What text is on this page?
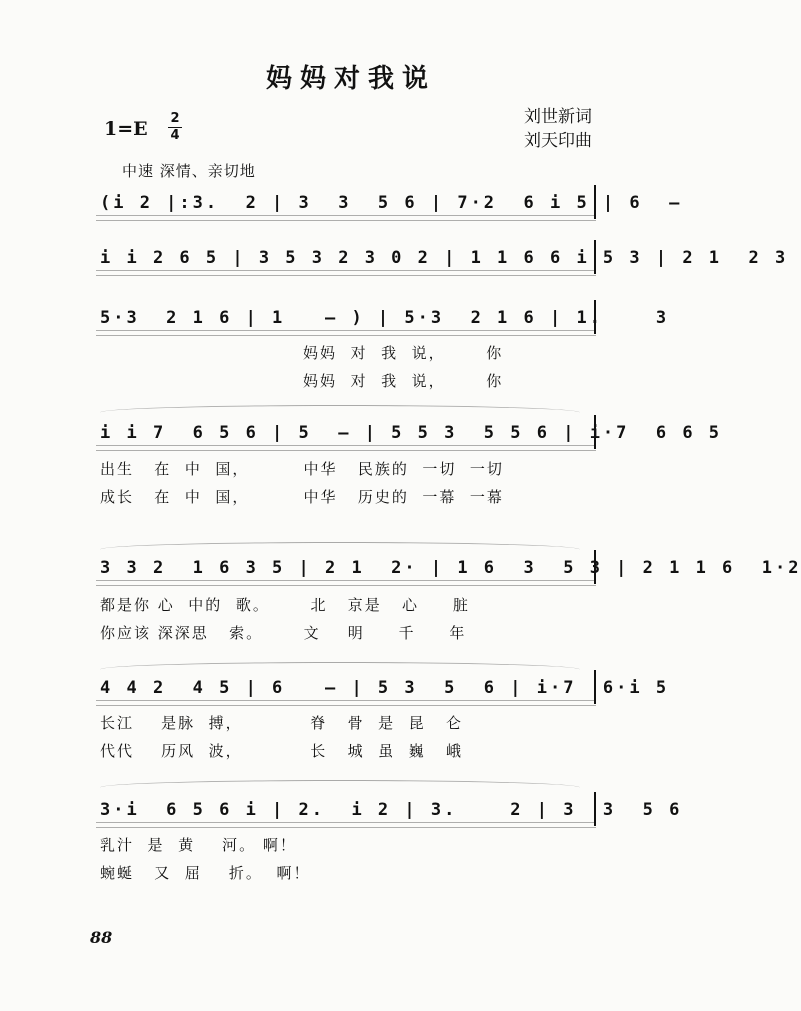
妈妈对我说
1=E 2
4
刘世新词
刘天印曲
中速 深情、亲切地
(i 2 |:3.  2 | 3  3  5 6 | 7·2  6 i 5 | 6  —
i i 2 6 5 | 3 5 3 2 3 0 2 | 1 1 6 6 i 5 3 | 2 1  2 3
5·3  2 1 6 | 1   — ) | 5·3  2 1 6 | 1.    3
妈妈  对  我  说，      你
妈妈  对  我  说，      你
i i 7  6 5 6 | 5  — | 5 5 3  5 5 6 | i·7  6 6 5
出生   在  中  国，        中华   民族的  一切  一切
成长   在  中  国，        中华   历史的  一幕  一幕
3 3 2  1 6 3 5 | 2 1  2· | 1 6  3  5 3 | 2 1 1 6  1·2
都是你 心  中的  歌。      北   京是   心     脏
你应该 深深思   索。      文    明     千     年
4 4 2  4 5 | 6   — | 5 3  5  6 | i·7  6·i 5
长江    是脉  搏，          脊   骨  是  昆   仑
代代    历风  波，          长   城  虽  巍   峨
3·i  6 5 6 i | 2.  i 2 | 3.    2 | 3  3  5 6
乳汁  是  黄    河。 啊！
蜿蜒   又  屈    折。  啊！
88
